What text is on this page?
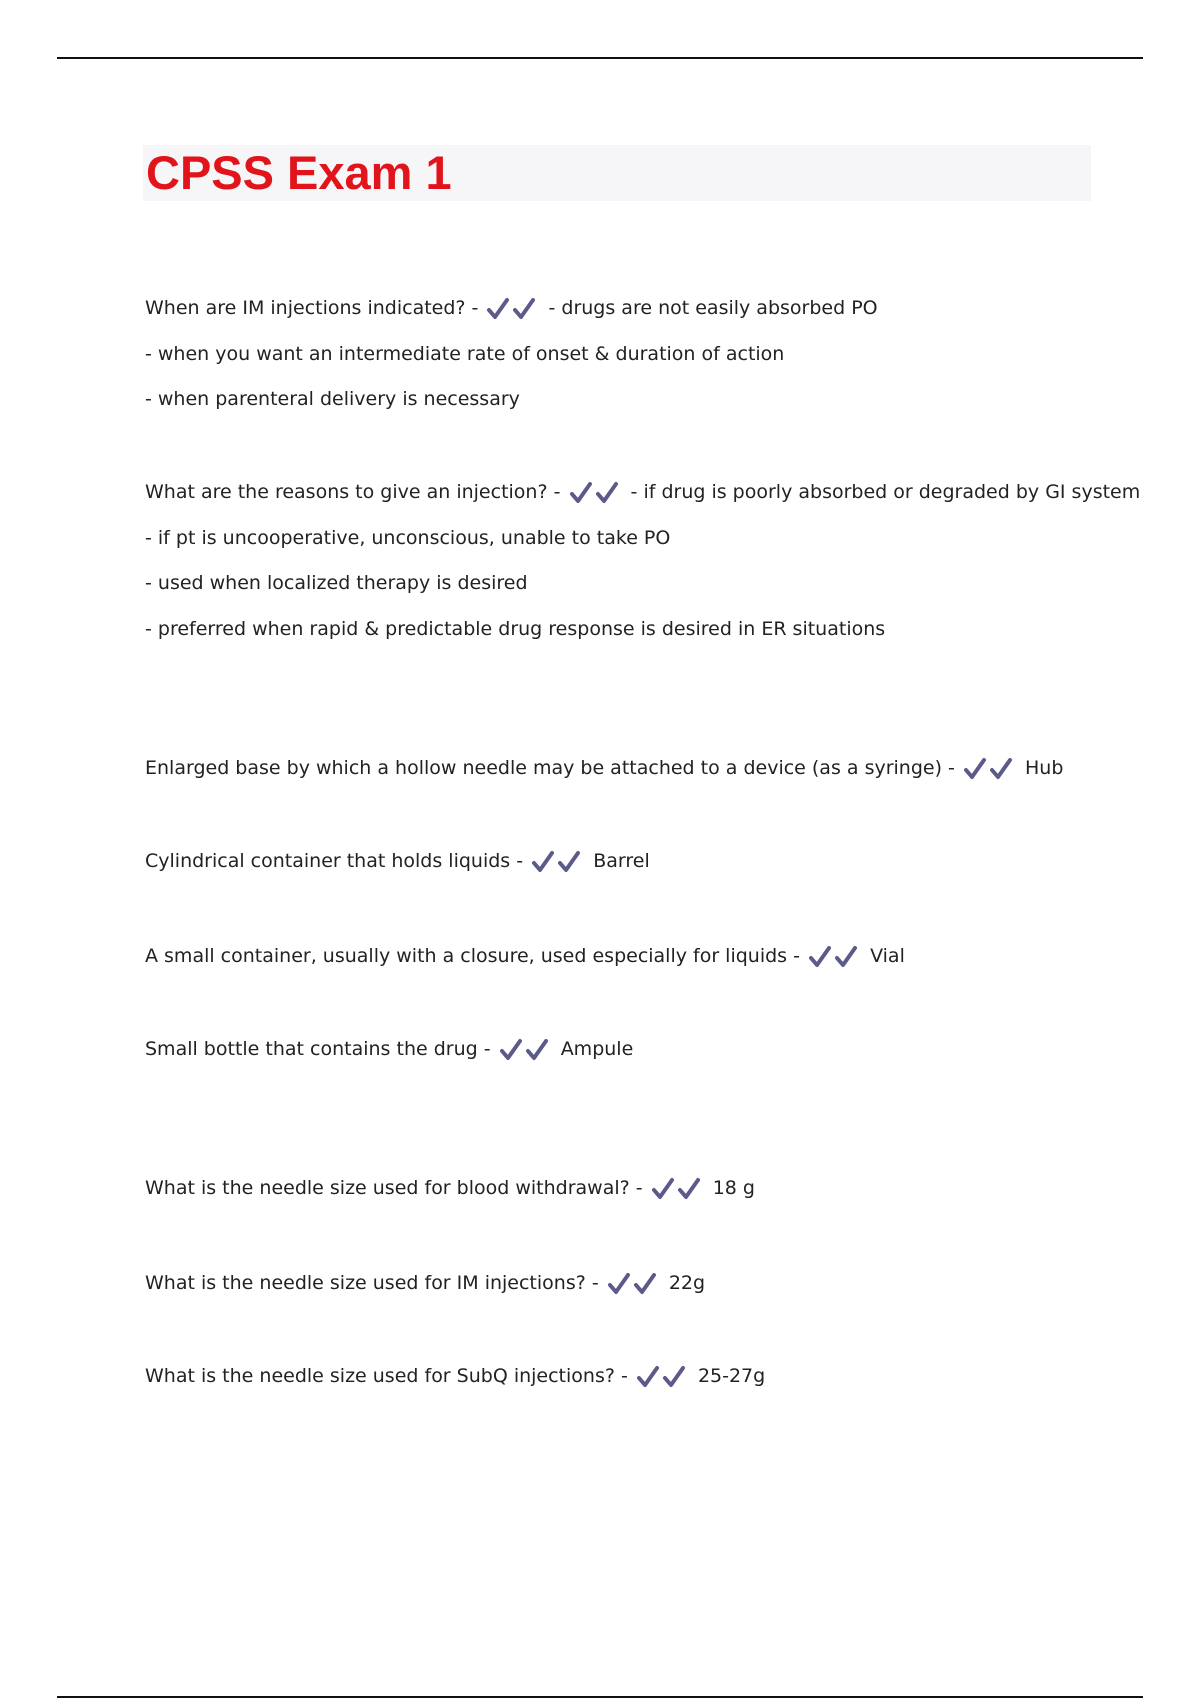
CPSS Exam 1
When are IM injections indicated? -	- drugs are not easily absorbed PO
- when you want an intermediate rate of onset & duration of action
- when parenteral delivery is necessary
What are the reasons to give an injection? -	- if drug is poorly absorbed or degraded by GI system
- if pt is uncooperative, unconscious, unable to take PO
- used when localized therapy is desired
- preferred when rapid & predictable drug response is desired in ER situations
Enlarged base by which a hollow needle may be attached to a device (as a syringe) -	Hub
Cylindrical container that holds liquids -	Barrel
A small container, usually with a closure, used especially for liquids -	Vial
Small bottle that contains the drug -	Ampule
What is the needle size used for blood withdrawal? -	18 g
What is the needle size used for IM injections? -	22g
What is the needle size used for SubQ injections? -	25-27g
